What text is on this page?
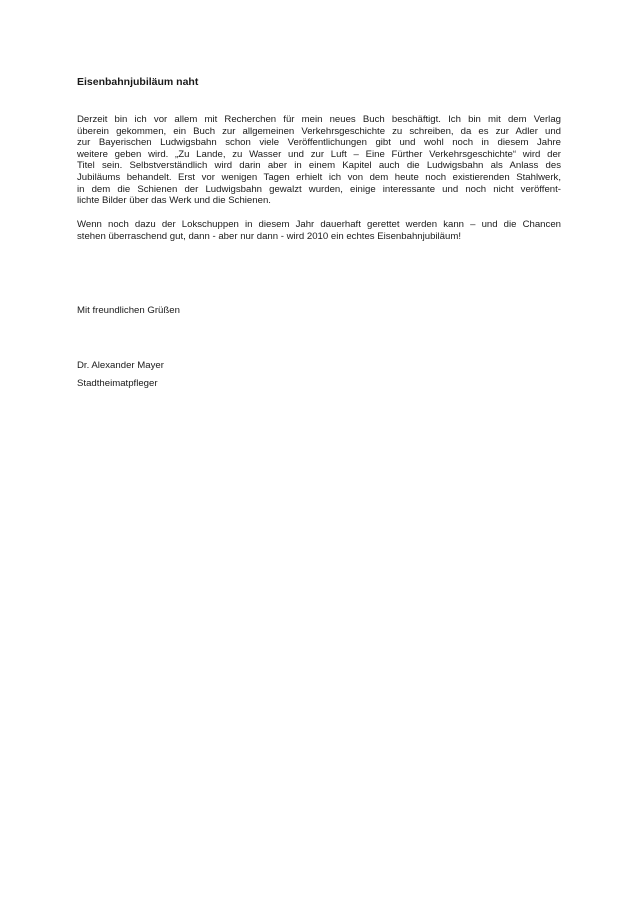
Eisenbahnjubiläum naht

Derzeit bin ich vor allem mit Recherchen für mein neues Buch beschäftigt. Ich bin mit dem Verlag
überein gekommen, ein Buch zur allgemeinen Verkehrsgeschichte zu schreiben, da es zur Adler und
zur Bayerischen Ludwigsbahn schon viele Veröffentlichungen gibt und wohl noch in diesem Jahre
weitere geben wird. „Zu Lande, zu Wasser und zur Luft – Eine Fürther Verkehrsgeschichte“ wird der
Titel sein. Selbstverständlich wird darin aber in einem Kapitel auch die Ludwigsbahn als Anlass des
Jubiläums behandelt. Erst vor wenigen Tagen erhielt ich von dem heute noch existierenden Stahlwerk,
in dem die Schienen der Ludwigsbahn gewalzt wurden, einige interessante und noch nicht veröffent-
lichte Bilder über das Werk und die Schienen.

Wenn noch dazu der Lokschuppen in diesem Jahr dauerhaft gerettet werden kann – und die Chancen
stehen überraschend gut, dann - aber nur dann - wird 2010 ein echtes Eisenbahnjubiläum!

Mit freundlichen Grüßen
Dr. Alexander Mayer
Stadtheimatpfleger
